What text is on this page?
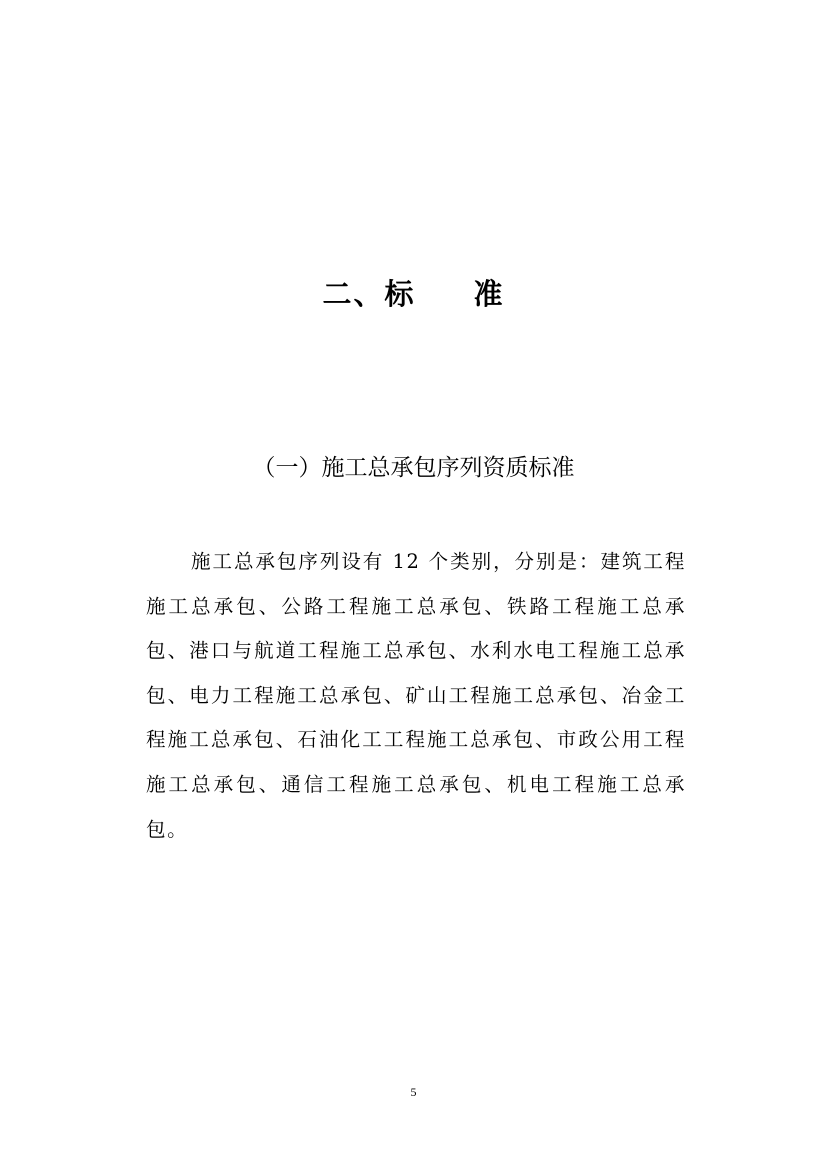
二、标 准
（一）施工总承包序列资质标准

施工总承包序列设有 12 个类别，分别是：建筑工程施工总承包、公路工程施工总承包、铁路工程施工总承包、港口与航道工程施工总承包、水利水电工程施工总承包、电力工程施工总承包、矿山工程施工总承包、冶金工程施工总承包、石油化工工程施工总承包、市政公用工程施工总承包、通信工程施工总承包、机电工程施工总承包。

5
